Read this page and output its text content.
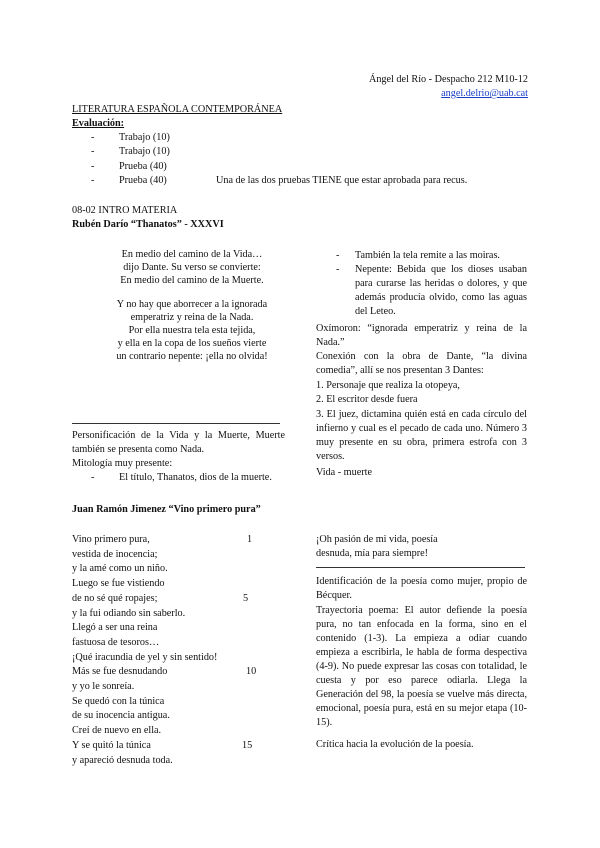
Ángel del Río - Despacho 212 M10-12
angel.delrio@uab.cat
LITERATURA ESPAÑOLA CONTEMPORÁNEA
Evaluación:
- Trabajo (10)
- Trabajo (10)
- Prueba (40)
- Prueba (40)	Una de las dos pruebas TIENE que estar aprobada para recus.
08-02 INTRO MATERIA
Rubén Darío “Thanatos” - XXXVI
En medio del camino de la Vida…
dijo Dante. Su verso se convierte:
En medio del camino de la Muerte.
Y no hay que aborrecer a la ignorada
emperatriz y reina de la Nada.
Por ella nuestra tela esta tejida,
y ella en la copa de los sueños vierte
un contrario nepente: ¡ella no olvida!
Personificación de la Vida y la Muerte, Muerte también se presenta como Nada.
Mitología muy presente:
- El título, Thanatos, dios de la muerte.
- También la tela remite a las moiras.
- Nepente: Bebida que los dioses usaban para curarse las heridas o dolores, y que además producía olvido, como las aguas del Leteo.
Oxímoron: “ignorada emperatriz y reina de la Nada.”
Conexión con la obra de Dante, “la divina comedia”, allí se nos presentan 3 Dantes:
1. Personaje que realiza la otopeya,
2. El escritor desde fuera
3. El juez, dictamina quién está en cada círculo del infierno y cual es el pecado de cada uno. Número 3 muy presente en su obra, primera estrofa con 3 versos.
Vida - muerte
Juan Ramón Jimenez “Vino primero pura”
Vino primero pura,
vestida de inocencia;
y la amé como un niño.
Luego se fue vistiendo
de no sé qué ropajes;
y la fui odiando sin saberlo.
Llegó a ser una reina
fastuosa de tesoros…
¡Qué iracundia de yel y sin sentido!
Más se fue desnudando
y yo le sonreía.
Se quedó con la túnica
de su inocencia antigua.
Creí de nuevo en ella.
Y se quitó la túnica
y apareció desnuda toda.
1
5
10
15
¡Oh pasión de mi vida, poesía
desnuda, mía para siempre!
Identificación de la poesía como mujer, propio de Bécquer.
Trayectoria poema: El autor defiende la poesía pura, no tan enfocada en la forma, sino en el contenido (1-3). La empieza a odiar cuando empieza a escribirla, le habla de forma despectiva (4-9). No puede expresar las cosas con totalidad, le cuesta y por eso parece odiarla. Llega la Generación del 98, la poesía se vuelve más directa, emocional, poesía pura, está en su mejor etapa (10-15).
Crítica hacia la evolución de la poesía.
